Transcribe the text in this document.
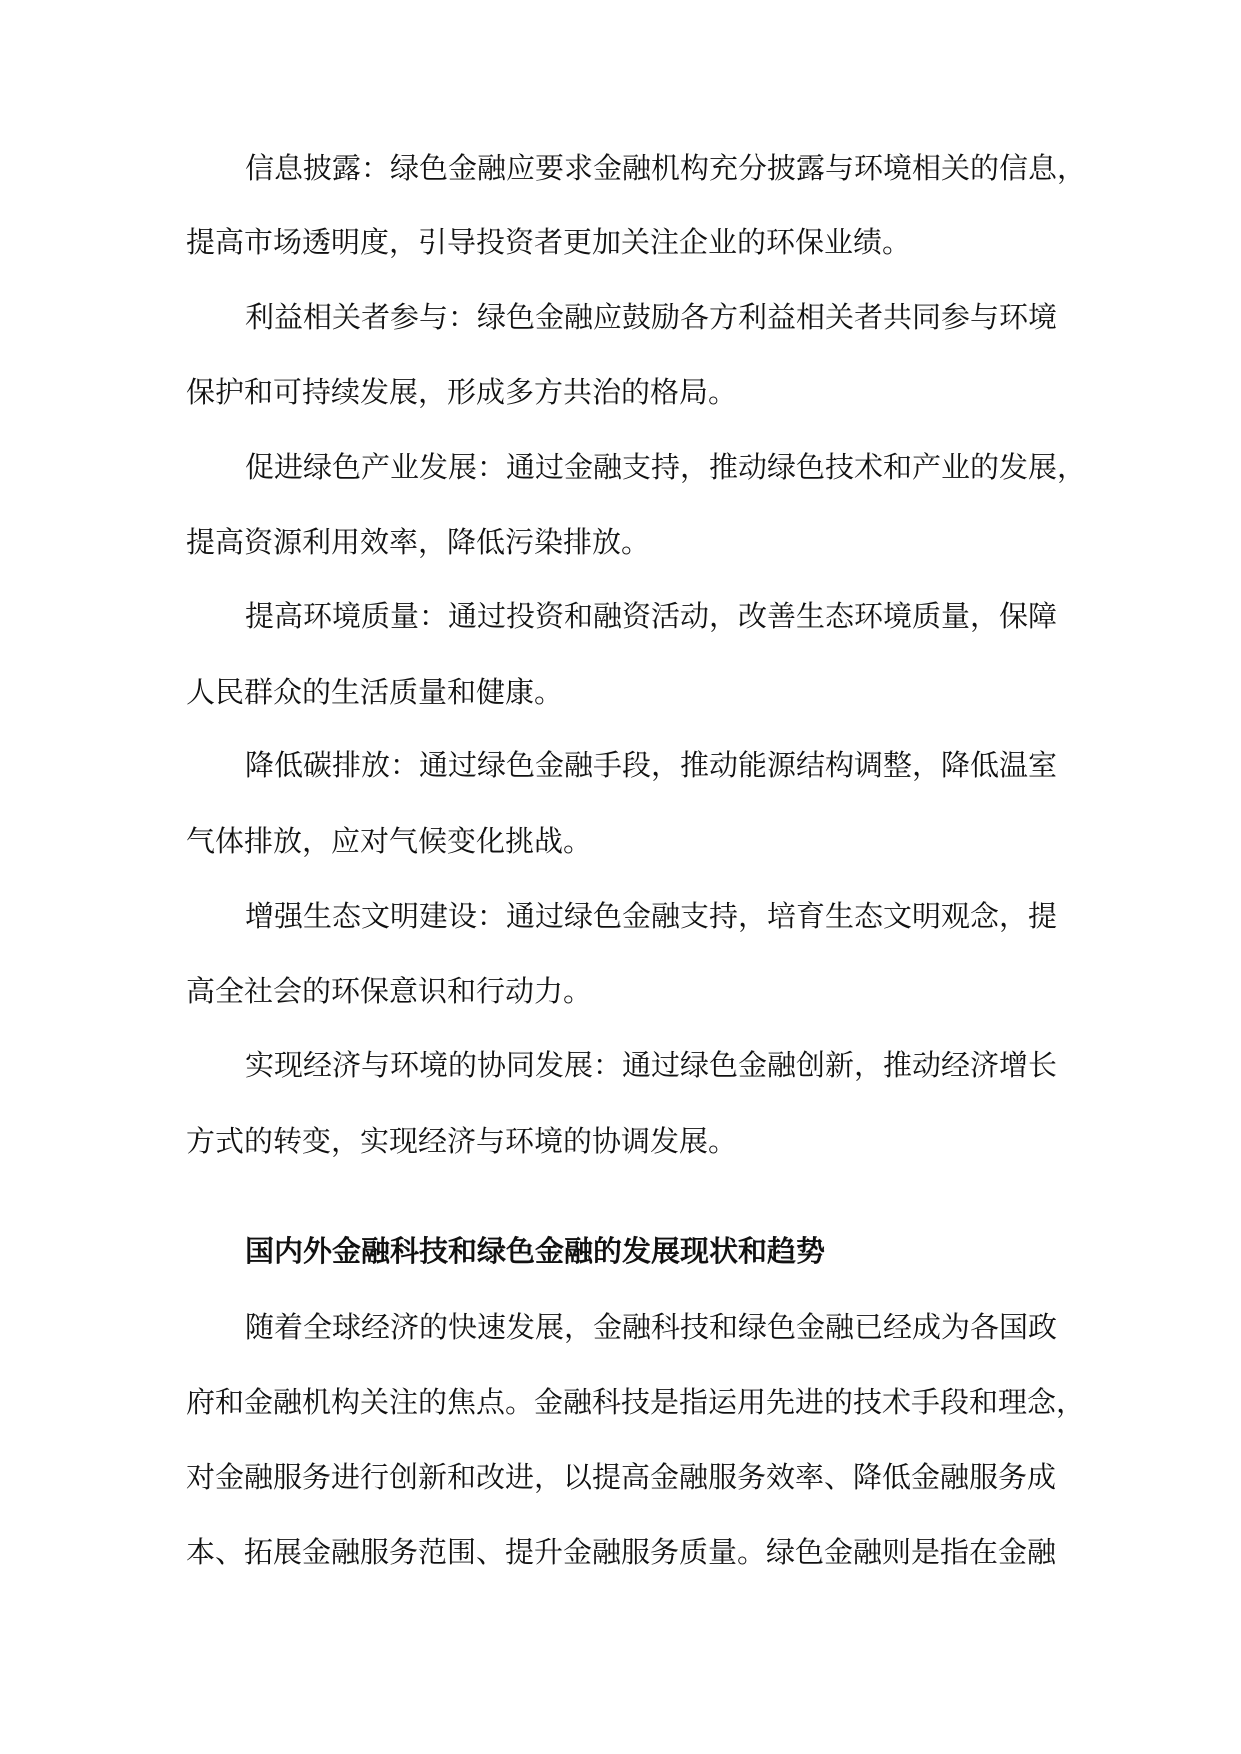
信息披露：绿色金融应要求金融机构充分披露与环境相关的信息，
提高市场透明度，引导投资者更加关注企业的环保业绩。
利益相关者参与：绿色金融应鼓励各方利益相关者共同参与环境
保护和可持续发展，形成多方共治的格局。
促进绿色产业发展：通过金融支持，推动绿色技术和产业的发展，
提高资源利用效率，降低污染排放。
提高环境质量：通过投资和融资活动，改善生态环境质量，保障
人民群众的生活质量和健康。
降低碳排放：通过绿色金融手段，推动能源结构调整，降低温室
气体排放，应对气候变化挑战。
增强生态文明建设：通过绿色金融支持，培育生态文明观念，提
高全社会的环保意识和行动力。
实现经济与环境的协同发展：通过绿色金融创新，推动经济增长
方式的转变，实现经济与环境的协调发展。
国内外金融科技和绿色金融的发展现状和趋势
随着全球经济的快速发展，金融科技和绿色金融已经成为各国政
府和金融机构关注的焦点。金融科技是指运用先进的技术手段和理念，
对金融服务进行创新和改进，以提高金融服务效率、降低金融服务成
本、拓展金融服务范围、提升金融服务质量。绿色金融则是指在金融
